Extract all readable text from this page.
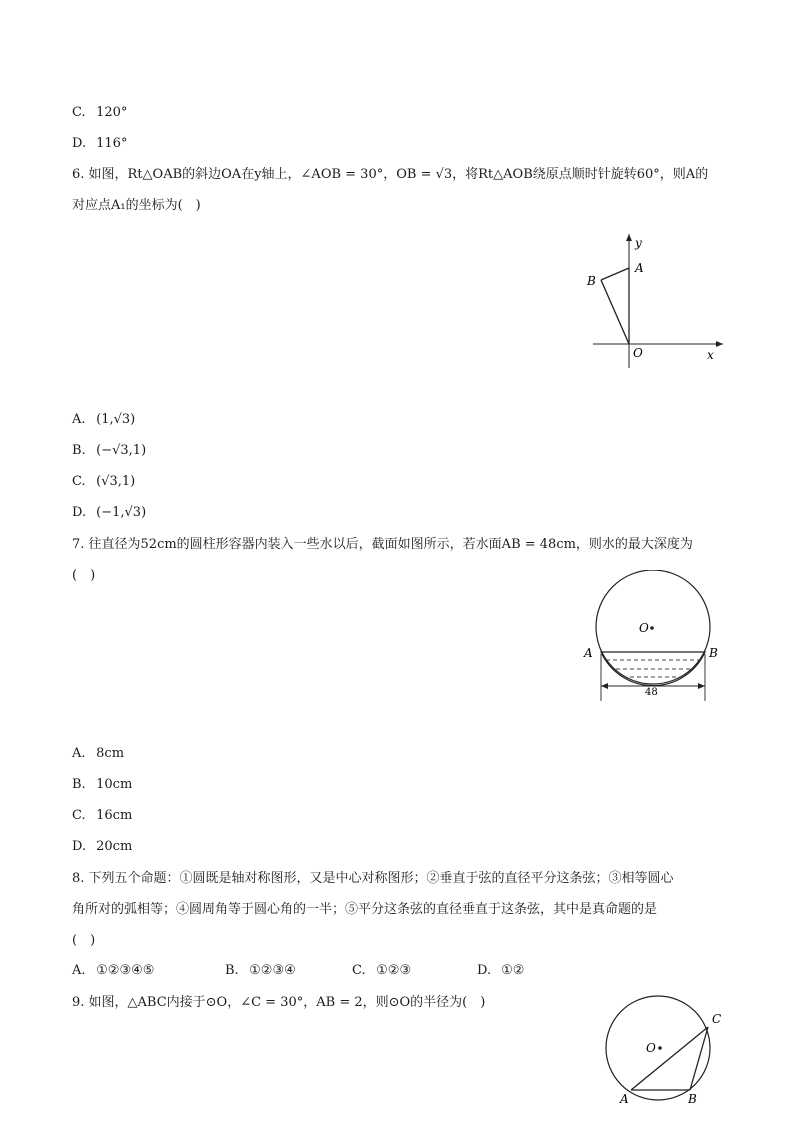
C. 120°
D. 116°
6. 如图，Rt△OAB的斜边OA在y轴上，∠AOB = 30°，OB = √3，将Rt△AOB绕原点顺时针旋转60°，则A的
对应点A₁的坐标为(　)
y
A
B
O	x
A. (1,√3)
B. (−√3,1)
C. (√3,1)
D. (−1,√3)
7. 往直径为52cm的圆柱形容器内装入一些水以后，截面如图所示，若水面AB = 48cm，则水的最大深度为
(　)
O
A	B
48
A. 8cm
B. 10cm
C. 16cm
D. 20cm
8. 下列五个命题：①圆既是轴对称图形，又是中心对称图形；②垂直于弦的直径平分这条弦；③相等圆心
角所对的弧相等；④圆周角等于圆心角的一半；⑤平分这条弦的直径垂直于这条弦，其中是真命题的是
(　)
A. ①②③④⑤	B. ①②③④	C. ①②③	D. ①②
9. 如图，△ABC内接于⊙O，∠C = 30°，AB = 2，则⊙O的半径为(　)
O
C
A	B
